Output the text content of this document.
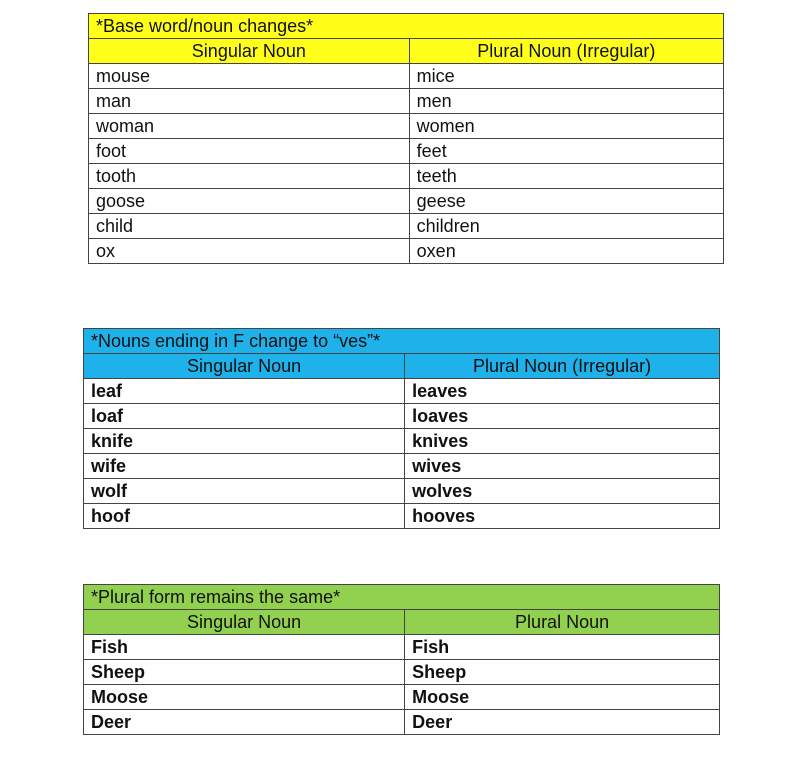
*Base word/noun changes*	
Singular Noun	Plural Noun (Irregular)
mouse	mice
man	men
woman	women
foot	feet
tooth	teeth
goose	geese
child	children
ox	oxen
*Nouns ending in F change to “ves”*	
Singular Noun	Plural Noun (Irregular)
leaf	leaves
loaf	loaves
knife	knives
wife	wives
wolf	wolves
hoof	hooves
*Plural form remains the same*	
Singular Noun	Plural Noun
Fish	Fish
Sheep	Sheep
Moose	Moose
Deer	Deer
